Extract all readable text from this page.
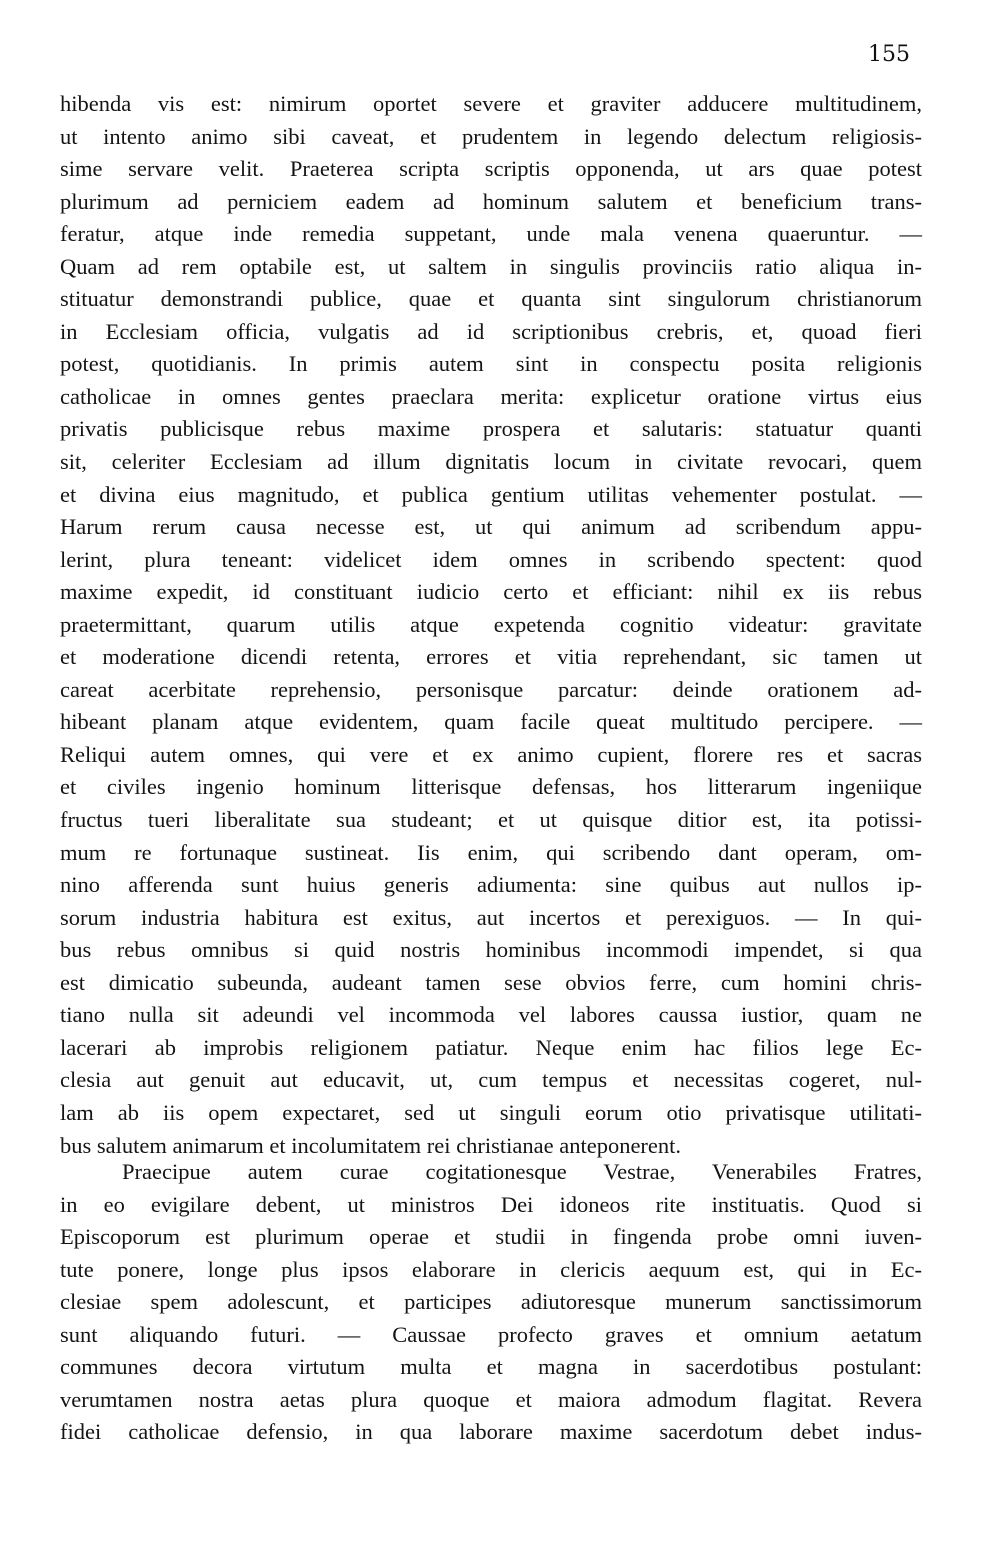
155
hibenda vis est: nimirum oportet severe et graviter adducere multitudinem,
ut intento animo sibi caveat, et prudentem in legendo delectum religiosis-
sime servare velit. Praeterea scripta scriptis opponenda, ut ars quae potest
plurimum ad perniciem eadem ad hominum salutem et beneficium trans-
feratur, atque inde remedia suppetant, unde mala venena quaeruntur. —
Quam ad rem optabile est, ut saltem in singulis provinciis ratio aliqua in-
stituatur demonstrandi publice, quae et quanta sint singulorum christianorum
in Ecclesiam officia, vulgatis ad id scriptionibus crebris, et, quoad fieri
potest, quotidianis. In primis autem sint in conspectu posita religionis
catholicae in omnes gentes praeclara merita: explicetur oratione virtus eius
privatis publicisque rebus maxime prospera et salutaris: statuatur quanti
sit, celeriter Ecclesiam ad illum dignitatis locum in civitate revocari, quem
et divina eius magnitudo, et publica gentium utilitas vehementer postulat. —
Harum rerum causa necesse est, ut qui animum ad scribendum appu-
lerint, plura teneant: videlicet idem omnes in scribendo spectent: quod
maxime expedit, id constituant iudicio certo et efficiant: nihil ex iis rebus
praetermittant, quarum utilis atque expetenda cognitio videatur: gravitate
et moderatione dicendi retenta, errores et vitia reprehendant, sic tamen ut
careat acerbitate reprehensio, personisque parcatur: deinde orationem ad-
hibeant planam atque evidentem, quam facile queat multitudo percipere. —
Reliqui autem omnes, qui vere et ex animo cupient, florere res et sacras
et civiles ingenio hominum litterisque defensas, hos litterarum ingeniique
fructus tueri liberalitate sua studeant; et ut quisque ditior est, ita potissi-
mum re fortunaque sustineat. Iis enim, qui scribendo dant operam, om-
nino afferenda sunt huius generis adiumenta: sine quibus aut nullos ip-
sorum industria habitura est exitus, aut incertos et perexiguos. — In qui-
bus rebus omnibus si quid nostris hominibus incommodi impendet, si qua
est dimicatio subeunda, audeant tamen sese obvios ferre, cum homini chris-
tiano nulla sit adeundi vel incommoda vel labores caussa iustior, quam ne
lacerari ab improbis religionem patiatur. Neque enim hac filios lege Ec-
clesia aut genuit aut educavit, ut, cum tempus et necessitas cogeret, nul-
lam ab iis opem expectaret, sed ut singuli eorum otio privatisque utilitati-
bus salutem animarum et incolumitatem rei christianae anteponerent.
Praecipue autem curae cogitationesque Vestrae, Venerabiles Fratres,
in eo evigilare debent, ut ministros Dei idoneos rite instituatis. Quod si
Episcoporum est plurimum operae et studii in fingenda probe omni iuven-
tute ponere, longe plus ipsos elaborare in clericis aequum est, qui in Ec-
clesiae spem adolescunt, et participes adiutoresque munerum sanctissimorum
sunt aliquando futuri. — Caussae profecto graves et omnium aetatum
communes decora virtutum multa et magna in sacerdotibus postulant:
verumtamen nostra aetas plura quoque et maiora admodum flagitat. Revera
fidei catholicae defensio, in qua laborare maxime sacerdotum debet indus-
